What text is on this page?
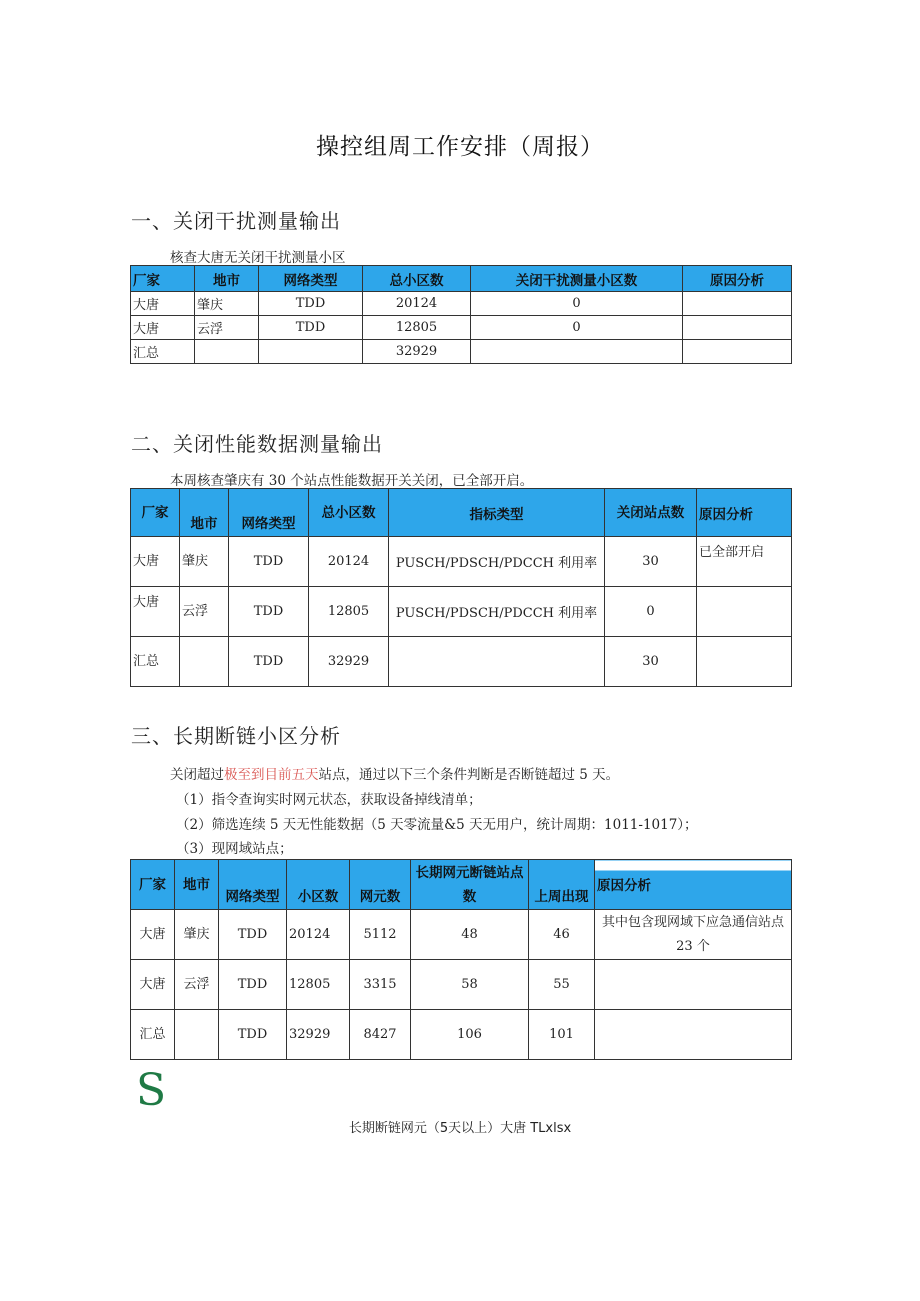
操控组周工作安排（周报）
一、关闭干扰测量输出
核查大唐无关闭干扰测量小区
厂家	地市	网络类型	总小区数	关闭干扰测量小区数	原因分析
大唐	肇庆	TDD	20124	0	
大唐	云浮	TDD	12805	0	
汇总			32929		
二、关闭性能数据测量输出
本周核查肇庆有 30 个站点性能数据开关关闭，已全部开启。
厂家	地市	网络类型	总小区数	指标类型	关闭站点数	原因分析
大唐	肇庆	TDD	20124	PUSCH/PDSCH/PDCCH 利用率	30	已全部开启
大唐	云浮	TDD	12805	PUSCH/PDSCH/PDCCH 利用率	0	
汇总		TDD	32929		30	
三、长期断链小区分析
关闭超过极至到目前五天站点，通过以下三个条件判断是否断链超过 5 天。
（1）指令查询实时网元状态，获取设备掉线清单；
（2）筛选连续 5 天无性能数据（5 天零流量&5 天无用户，统计周期：1011-1017）；
（3）现网域站点；
厂家	地市	网络类型	小区数	网元数	长期网元断链站点数	上周出现	原因分析
大唐	肇庆	TDD	20124	5112	48	46	其中包含现网域下应急通信站点 23 个
大唐	云浮	TDD	12805	3315	58	55	
汇总		TDD	32929	8427	106	101	
S
长期断链网元（5天以上）大唐 TLxlsx
